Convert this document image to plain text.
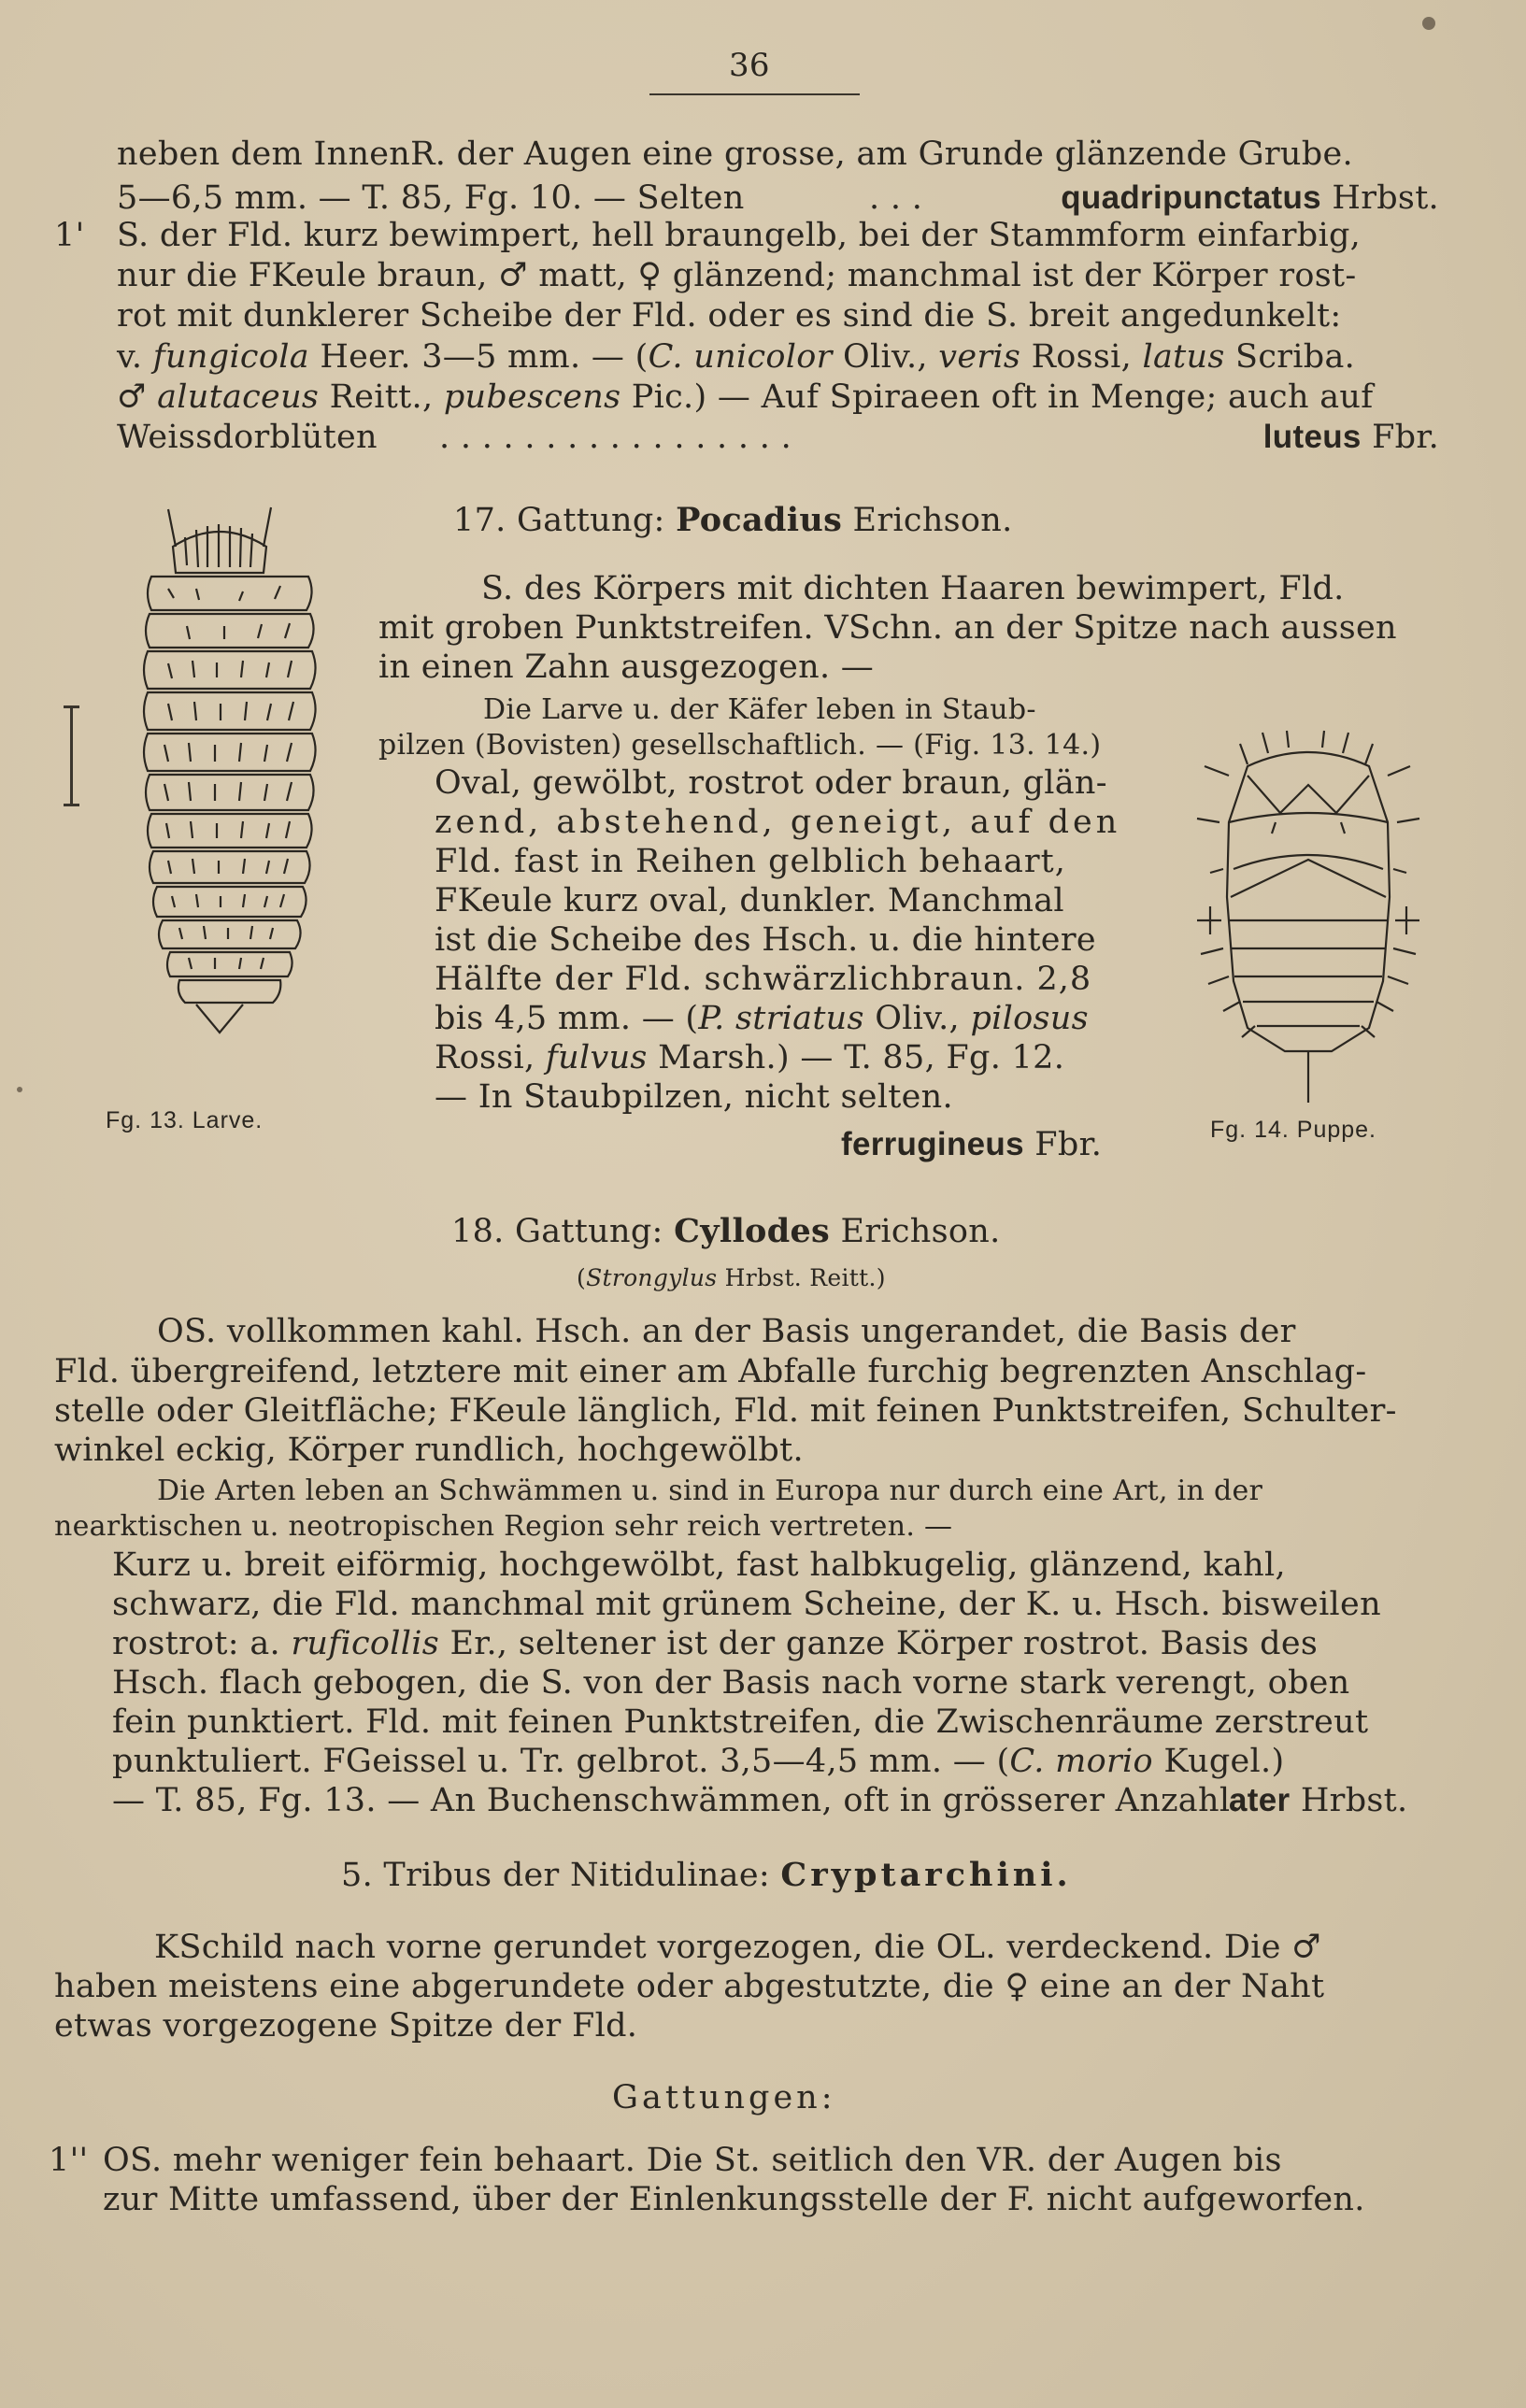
36
neben dem InnenR. der Augen eine grosse, am Grunde glänzende Grube.
5—6,5 mm. — T. 85, Fg. 10. — Selten	. . .	quadripunctatus Hrbst.
1' S. der Fld. kurz bewimpert, hell braungelb, bei der Stammform einfarbig,
nur die FKeule braun, ♂ matt, ♀ glänzend; manchmal ist der Körper rost-
rot mit dunklerer Scheibe der Fld. oder es sind die S. breit angedunkelt:
v. fungicola Heer. 3—5 mm. — (C. unicolor Oliv., veris Rossi, latus Scriba.
♂ alutaceus Reitt., pubescens Pic.) — Auf Spiraeen oft in Menge; auch auf
Weissdorblüten . . . . . . . . . . . . . . . . .	luteus Fbr.
Fg. 13. Larve.	Fg. 14. Puppe.
17. Gattung: Pocadius Erichson.
S. des Körpers mit dichten Haaren bewimpert, Fld.
mit groben Punktstreifen. VSchn. an der Spitze nach aussen
in einen Zahn ausgezogen. —
Die Larve u. der Käfer leben in Staub-
pilzen (Bovisten) gesellschaftlich. — (Fig. 13. 14.)
Oval, gewölbt, rostrot oder braun, glän-
zend, abstehend, geneigt, auf den
Fld. fast in Reihen gelblich behaart,
FKeule kurz oval, dunkler. Manchmal
ist die Scheibe des Hsch. u. die hintere
Hälfte der Fld. schwärzlichbraun. 2,8
bis 4,5 mm. — (P. striatus Oliv., pilosus
Rossi, fulvus Marsh.) — T. 85, Fg. 12.
— In Staubpilzen, nicht selten.
ferrugineus Fbr.
18. Gattung: Cyllodes Erichson.
(Strongylus Hrbst. Reitt.)
OS. vollkommen kahl. Hsch. an der Basis ungerandet, die Basis der
Fld. übergreifend, letztere mit einer am Abfalle furchig begrenzten Anschlag-
stelle oder Gleitfläche; FKeule länglich, Fld. mit feinen Punktstreifen, Schulter-
winkel eckig, Körper rundlich, hochgewölbt.
Die Arten leben an Schwämmen u. sind in Europa nur durch eine Art, in der
nearktischen u. neotropischen Region sehr reich vertreten. —
Kurz u. breit eiförmig, hochgewölbt, fast halbkugelig, glänzend, kahl,
schwarz, die Fld. manchmal mit grünem Scheine, der K. u. Hsch. bisweilen
rostrot: a. ruficollis Er., seltener ist der ganze Körper rostrot. Basis des
Hsch. flach gebogen, die S. von der Basis nach vorne stark verengt, oben
fein punktiert. Fld. mit feinen Punktstreifen, die Zwischenräume zerstreut
punktuliert. FGeissel u. Tr. gelbrot. 3,5—4,5 mm. — (C. morio Kugel.)
— T. 85, Fg. 13. — An Buchenschwämmen, oft in grösserer Anzahl.
ater Hrbst.
5. Tribus der Nitidulinae: Cryptarchini.
KSchild nach vorne gerundet vorgezogen, die OL. verdeckend. Die ♂
haben meistens eine abgerundete oder abgestutzte, die ♀ eine an der Naht
etwas vorgezogene Spitze der Fld.
Gattungen:
1'' OS. mehr weniger fein behaart. Die St. seitlich den VR. der Augen bis
zur Mitte umfassend, über der Einlenkungsstelle der F. nicht aufgeworfen.
